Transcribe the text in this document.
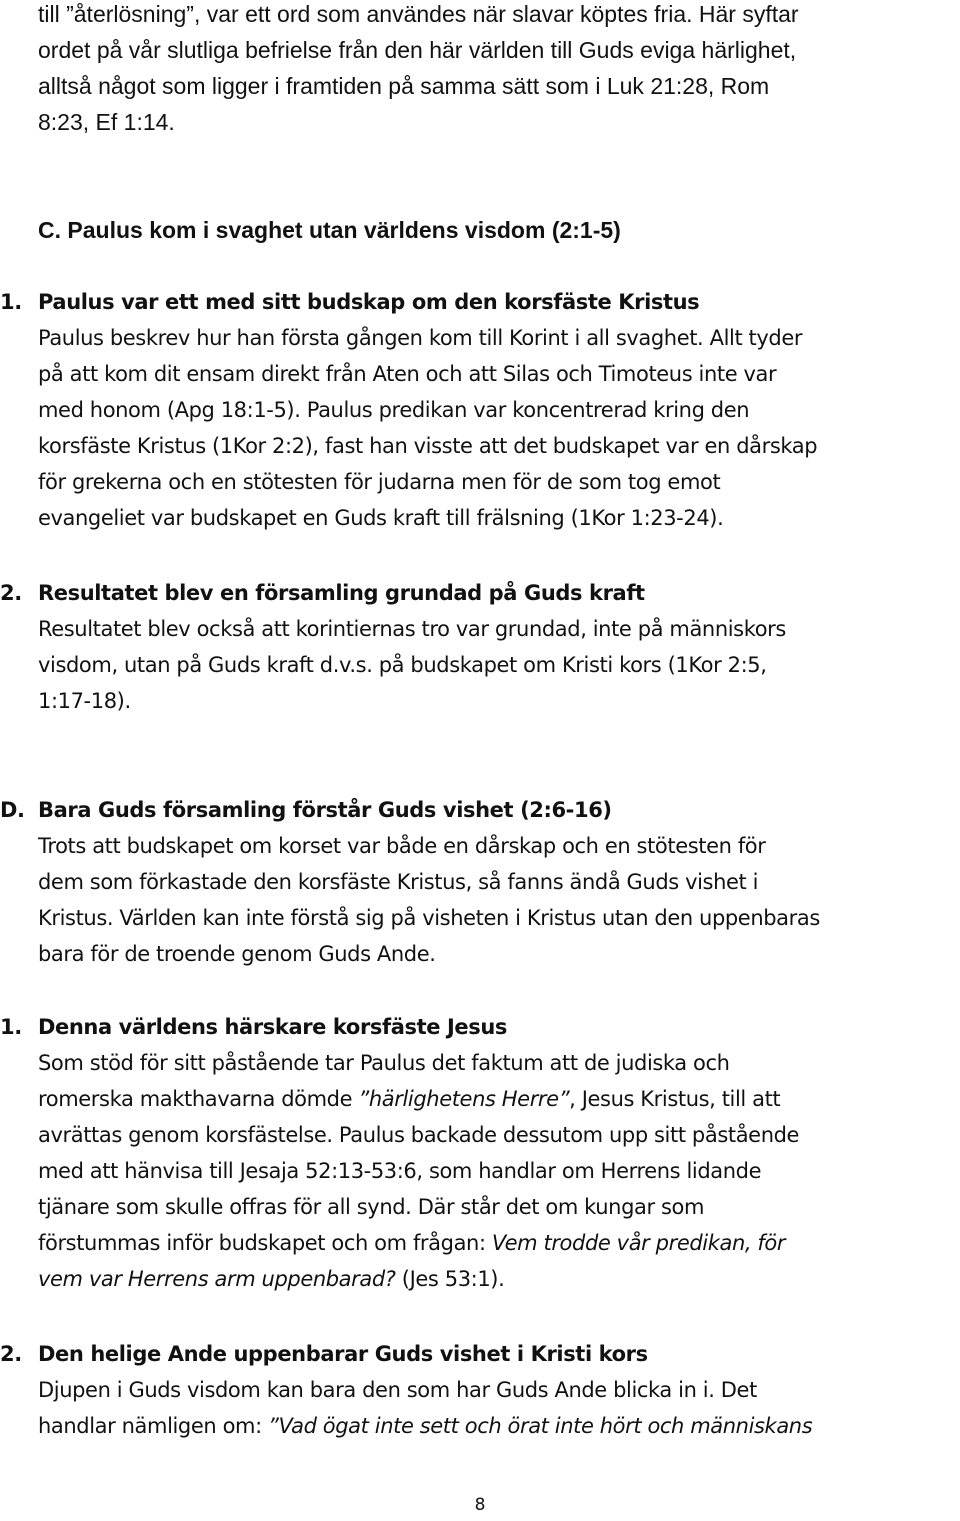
till ”återlösning”, var ett ord som användes när slavar köptes fria. Här syftar
ordet på vår slutliga befrielse från den här världen till Guds eviga härlighet,
alltså något som ligger i framtiden på samma sätt som i Luk 21:28, Rom
8:23, Ef 1:14.
C. Paulus kom i svaghet utan världens visdom (2:1-5)
1. Paulus var ett med sitt budskap om den korsfäste Kristus
Paulus beskrev hur han första gången kom till Korint i all svaghet. Allt tyder
på att kom dit ensam direkt från Aten och att Silas och Timoteus inte var
med honom (Apg 18:1-5). Paulus predikan var koncentrerad kring den
korsfäste Kristus (1Kor 2:2), fast han visste att det budskapet var en dårskap
för grekerna och en stötesten för judarna men för de som tog emot
evangeliet var budskapet en Guds kraft till frälsning (1Kor 1:23-24).
2. Resultatet blev en församling grundad på Guds kraft
Resultatet blev också att korintiernas tro var grundad, inte på människors
visdom, utan på Guds kraft d.v.s. på budskapet om Kristi kors (1Kor 2:5,
1:17-18).
D. Bara Guds församling förstår Guds vishet (2:6-16)
Trots att budskapet om korset var både en dårskap och en stötesten för
dem som förkastade den korsfäste Kristus, så fanns ändå Guds vishet i
Kristus. Världen kan inte förstå sig på visheten i Kristus utan den uppenbaras
bara för de troende genom Guds Ande.
1. Denna världens härskare korsfäste Jesus
Som stöd för sitt påstående tar Paulus det faktum att de judiska och
romerska makthavarna dömde ”härlighetens Herre”, Jesus Kristus, till att
avrättas genom korsfästelse. Paulus backade dessutom upp sitt påstående
med att hänvisa till Jesaja 52:13-53:6, som handlar om Herrens lidande
tjänare som skulle offras för all synd. Där står det om kungar som
förstummas inför budskapet och om frågan: Vem trodde vår predikan, för
vem var Herrens arm uppenbarad? (Jes 53:1).
2. Den helige Ande uppenbarar Guds vishet i Kristi kors
Djupen i Guds visdom kan bara den som har Guds Ande blicka in i. Det
handlar nämligen om: ”Vad ögat inte sett och örat inte hört och människans
8
